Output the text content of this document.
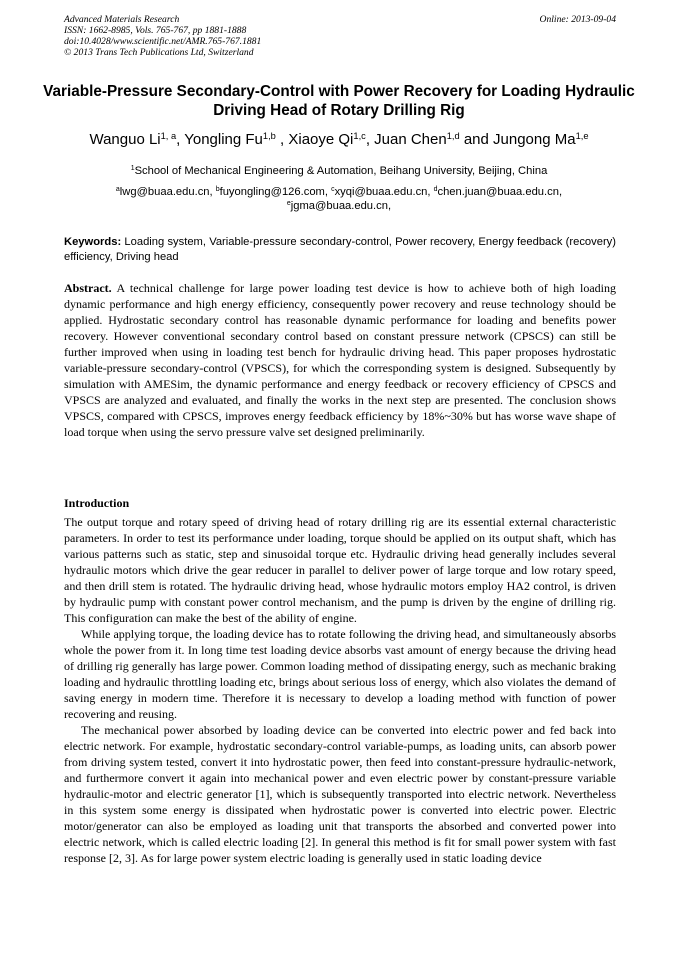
Advanced Materials Research
ISSN: 1662-8985, Vols. 765-767, pp 1881-1888
doi:10.4028/www.scientific.net/AMR.765-767.1881
© 2013 Trans Tech Publications Ltd, Switzerland
Online: 2013-09-04
Variable-Pressure Secondary-Control with Power Recovery for Loading Hydraulic Driving Head of Rotary Drilling Rig
Wanguo Li$^{1, a}$, Yongling Fu$^{1,b}$ , Xiaoye Qi$^{1,c}$, Juan Chen$^{1,d}$ and Jungong Ma$^{1,e}$
$^1$School of Mechanical Engineering & Automation, Beihang University, Beijing, China
$^a$lwg@buaa.edu.cn, $^b$fuyongling@126.com, $^c$xyqi@buaa.edu.cn, $^d$chen.juan@buaa.edu.cn,
$^e$jgma@buaa.edu.cn,
Keywords: Loading system, Variable-pressure secondary-control, Power recovery, Energy feedback (recovery) efficiency, Driving head

Abstract. A technical challenge for large power loading test device is how to achieve both of high loading dynamic performance and high energy efficiency, consequently power recovery and reuse technology should be applied. Hydrostatic secondary control has reasonable dynamic performance for loading and benefits power recovery. However conventional secondary control based on constant pressure network (CPSCS) can still be further improved when using in loading test bench for hydraulic driving head. This paper proposes hydrostatic variable-pressure secondary-control (VPSCS), for which the corresponding system is designed. Subsequently by simulation with AMESim, the dynamic performance and energy feedback or recovery efficiency of CPSCS and VPSCS are analyzed and evaluated, and finally the works in the next step are presented. The conclusion shows VPSCS, compared with CPSCS, improves energy feedback efficiency by 18%~30% but has worse wave shape of load torque when using the servo pressure valve set designed preliminarily.

Introduction

The output torque and rotary speed of driving head of rotary drilling rig are its essential external characteristic parameters. In order to test its performance under loading, torque should be applied on its output shaft, which has various patterns such as static, step and sinusoidal torque etc. Hydraulic driving head generally includes several hydraulic motors which drive the gear reducer in parallel to deliver power of large torque and low rotary speed, and then drill stem is rotated. The hydraulic driving head, whose hydraulic motors employ HA2 control, is driven by hydraulic pump with constant power control mechanism, and the pump is driven by the engine of drilling rig. This configuration can make the best of the ability of engine.

While applying torque, the loading device has to rotate following the driving head, and simultaneously absorbs whole the power from it. In long time test loading device absorbs vast amount of energy because the driving head of drilling rig generally has large power. Common loading method of dissipating energy, such as mechanic braking loading and hydraulic throttling loading etc, brings about serious loss of energy, which also violates the demand of saving energy in modern time. Therefore it is necessary to develop a loading method with function of power recovering and reusing.

The mechanical power absorbed by loading device can be converted into electric power and fed back into electric network. For example, hydrostatic secondary-control variable-pumps, as loading units, can absorb power from driving system tested, convert it into hydrostatic power, then feed into constant-pressure hydraulic-network, and furthermore convert it again into mechanical power and even electric power by constant-pressure variable hydraulic-motor and electric generator [1], which is subsequently transported into electric network. Nevertheless in this system some energy is dissipated when hydrostatic power is converted into electric power. Electric motor/generator can also be employed as loading unit that transports the absorbed and converted power into electric network, which is called electric loading [2]. In general this method is fit for small power system with fast response [2, 3]. As for large power system electric loading is generally used in static loading device
